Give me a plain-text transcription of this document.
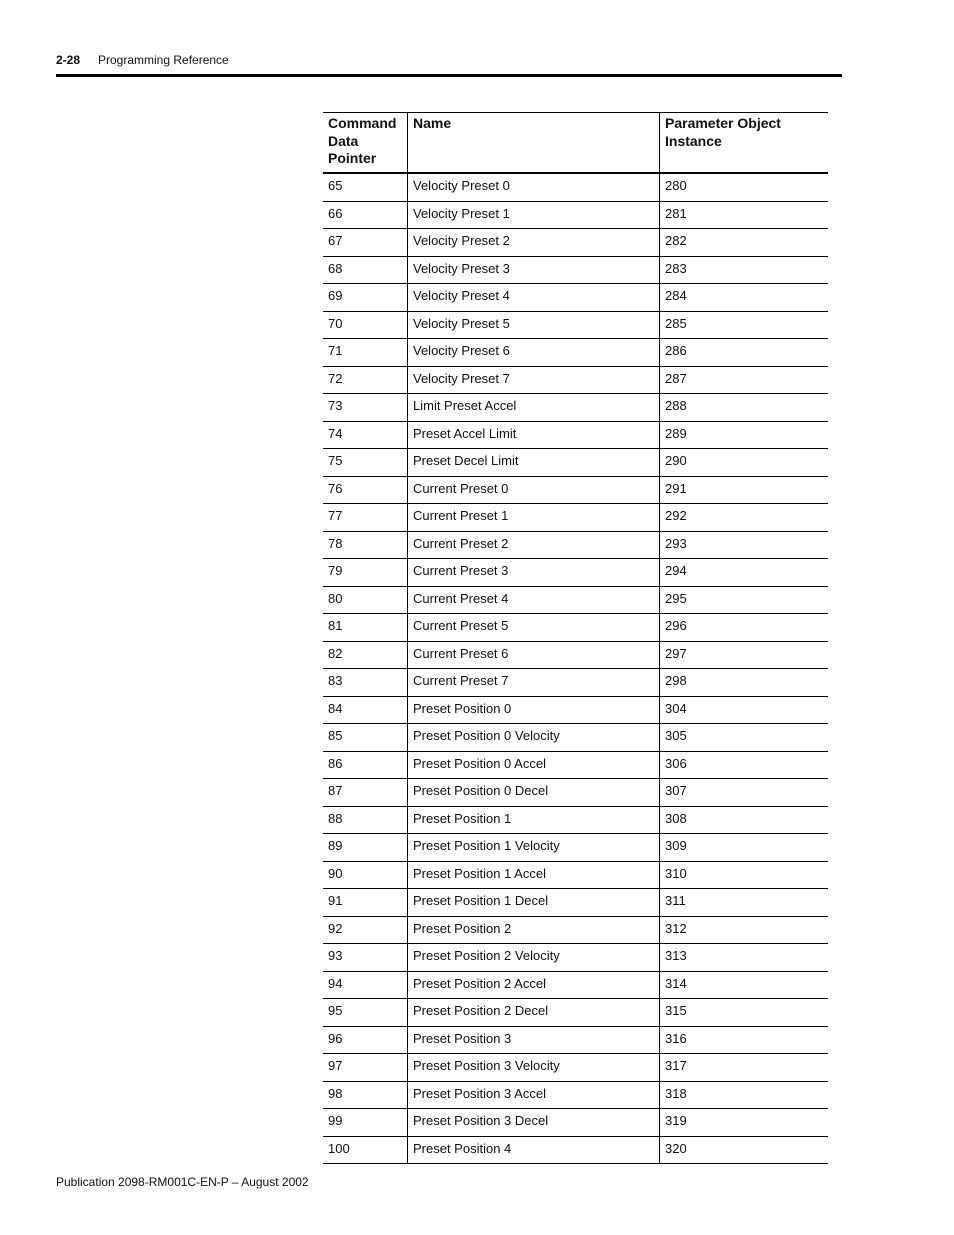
2-28 Programming Reference
Command Data Pointer	Name	Parameter Object Instance
65	Velocity Preset 0	280
66	Velocity Preset 1	281
67	Velocity Preset 2	282
68	Velocity Preset 3	283
69	Velocity Preset 4	284
70	Velocity Preset 5	285
71	Velocity Preset 6	286
72	Velocity Preset 7	287
73	Limit Preset Accel	288
74	Preset Accel Limit	289
75	Preset Decel Limit	290
76	Current Preset 0	291
77	Current Preset 1	292
78	Current Preset 2	293
79	Current Preset 3	294
80	Current Preset 4	295
81	Current Preset 5	296
82	Current Preset 6	297
83	Current Preset 7	298
84	Preset Position 0	304
85	Preset Position 0 Velocity	305
86	Preset Position 0 Accel	306
87	Preset Position 0 Decel	307
88	Preset Position 1	308
89	Preset Position 1 Velocity	309
90	Preset Position 1 Accel	310
91	Preset Position 1 Decel	311
92	Preset Position 2	312
93	Preset Position 2 Velocity	313
94	Preset Position 2 Accel	314
95	Preset Position 2 Decel	315
96	Preset Position 3	316
97	Preset Position 3 Velocity	317
98	Preset Position 3 Accel	318
99	Preset Position 3 Decel	319
100	Preset Position 4	320
Publication 2098-RM001C-EN-P – August 2002
